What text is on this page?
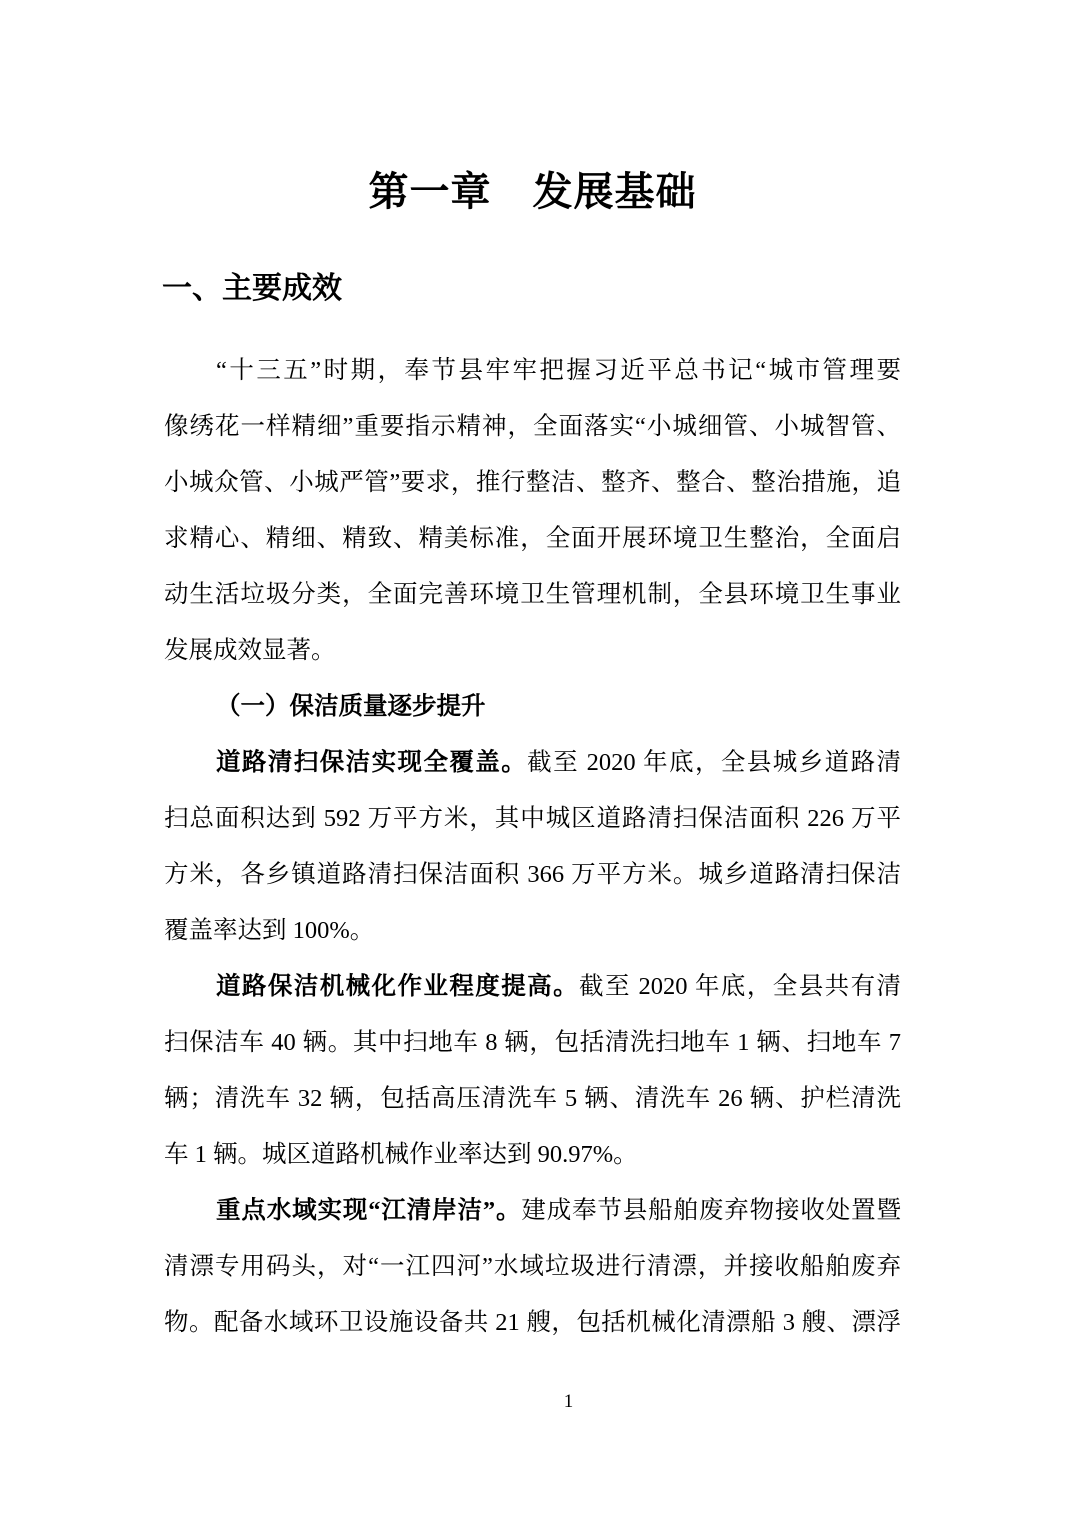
第一章　发展基础
一、主要成效
“十三五”时期，奉节县牢牢把握习近平总书记“城市管理要
像绣花一样精细”重要指示精神，全面落实“小城细管、小城智管、
小城众管、小城严管”要求，推行整洁、整齐、整合、整治措施，追
求精心、精细、精致、精美标准，全面开展环境卫生整治，全面启
动生活垃圾分类，全面完善环境卫生管理机制，全县环境卫生事业
发展成效显著。
（一）保洁质量逐步提升
道路清扫保洁实现全覆盖。截至 2020 年底，全县城乡道路清
扫总面积达到 592 万平方米，其中城区道路清扫保洁面积 226 万平
方米，各乡镇道路清扫保洁面积 366 万平方米。城乡道路清扫保洁
覆盖率达到 100%。
道路保洁机械化作业程度提高。截至 2020 年底，全县共有清
扫保洁车 40 辆。其中扫地车 8 辆，包括清洗扫地车 1 辆、扫地车 7
辆；清洗车 32 辆，包括高压清洗车 5 辆、清洗车 26 辆、护栏清洗
车 1 辆。城区道路机械作业率达到 90.97%。
重点水域实现“江清岸洁”。建成奉节县船舶废弃物接收处置暨
清漂专用码头，对“一江四河”水域垃圾进行清漂，并接收船舶废弃
物。配备水域环卫设施设备共 21 艘，包括机械化清漂船 3 艘、漂浮
1
